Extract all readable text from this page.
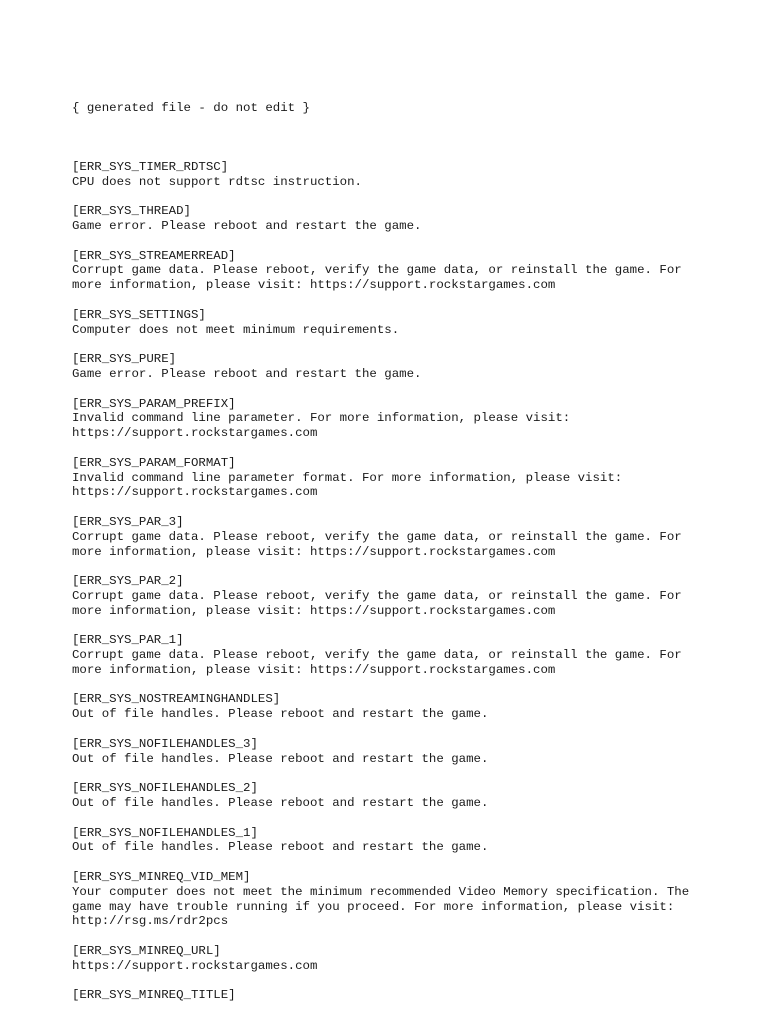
{ generated file - do not edit }

[ERR_SYS_TIMER_RDTSC]
CPU does not support rdtsc instruction.
[ERR_SYS_THREAD]
Game error. Please reboot and restart the game.
[ERR_SYS_STREAMERREAD]
Corrupt game data. Please reboot, verify the game data, or reinstall the game. For
more information, please visit: https://support.rockstargames.com
[ERR_SYS_SETTINGS]
Computer does not meet minimum requirements.
[ERR_SYS_PURE]
Game error. Please reboot and restart the game.
[ERR_SYS_PARAM_PREFIX]
Invalid command line parameter. For more information, please visit:
https://support.rockstargames.com
[ERR_SYS_PARAM_FORMAT]
Invalid command line parameter format. For more information, please visit:
https://support.rockstargames.com
[ERR_SYS_PAR_3]
Corrupt game data. Please reboot, verify the game data, or reinstall the game. For
more information, please visit: https://support.rockstargames.com
[ERR_SYS_PAR_2]
Corrupt game data. Please reboot, verify the game data, or reinstall the game. For
more information, please visit: https://support.rockstargames.com
[ERR_SYS_PAR_1]
Corrupt game data. Please reboot, verify the game data, or reinstall the game. For
more information, please visit: https://support.rockstargames.com
[ERR_SYS_NOSTREAMINGHANDLES]
Out of file handles. Please reboot and restart the game.
[ERR_SYS_NOFILEHANDLES_3]
Out of file handles. Please reboot and restart the game.
[ERR_SYS_NOFILEHANDLES_2]
Out of file handles. Please reboot and restart the game.
[ERR_SYS_NOFILEHANDLES_1]
Out of file handles. Please reboot and restart the game.
[ERR_SYS_MINREQ_VID_MEM]
Your computer does not meet the minimum recommended Video Memory specification. The
game may have trouble running if you proceed. For more information, please visit:
http://rsg.ms/rdr2pcs
[ERR_SYS_MINREQ_URL]
https://support.rockstargames.com
[ERR_SYS_MINREQ_TITLE]
